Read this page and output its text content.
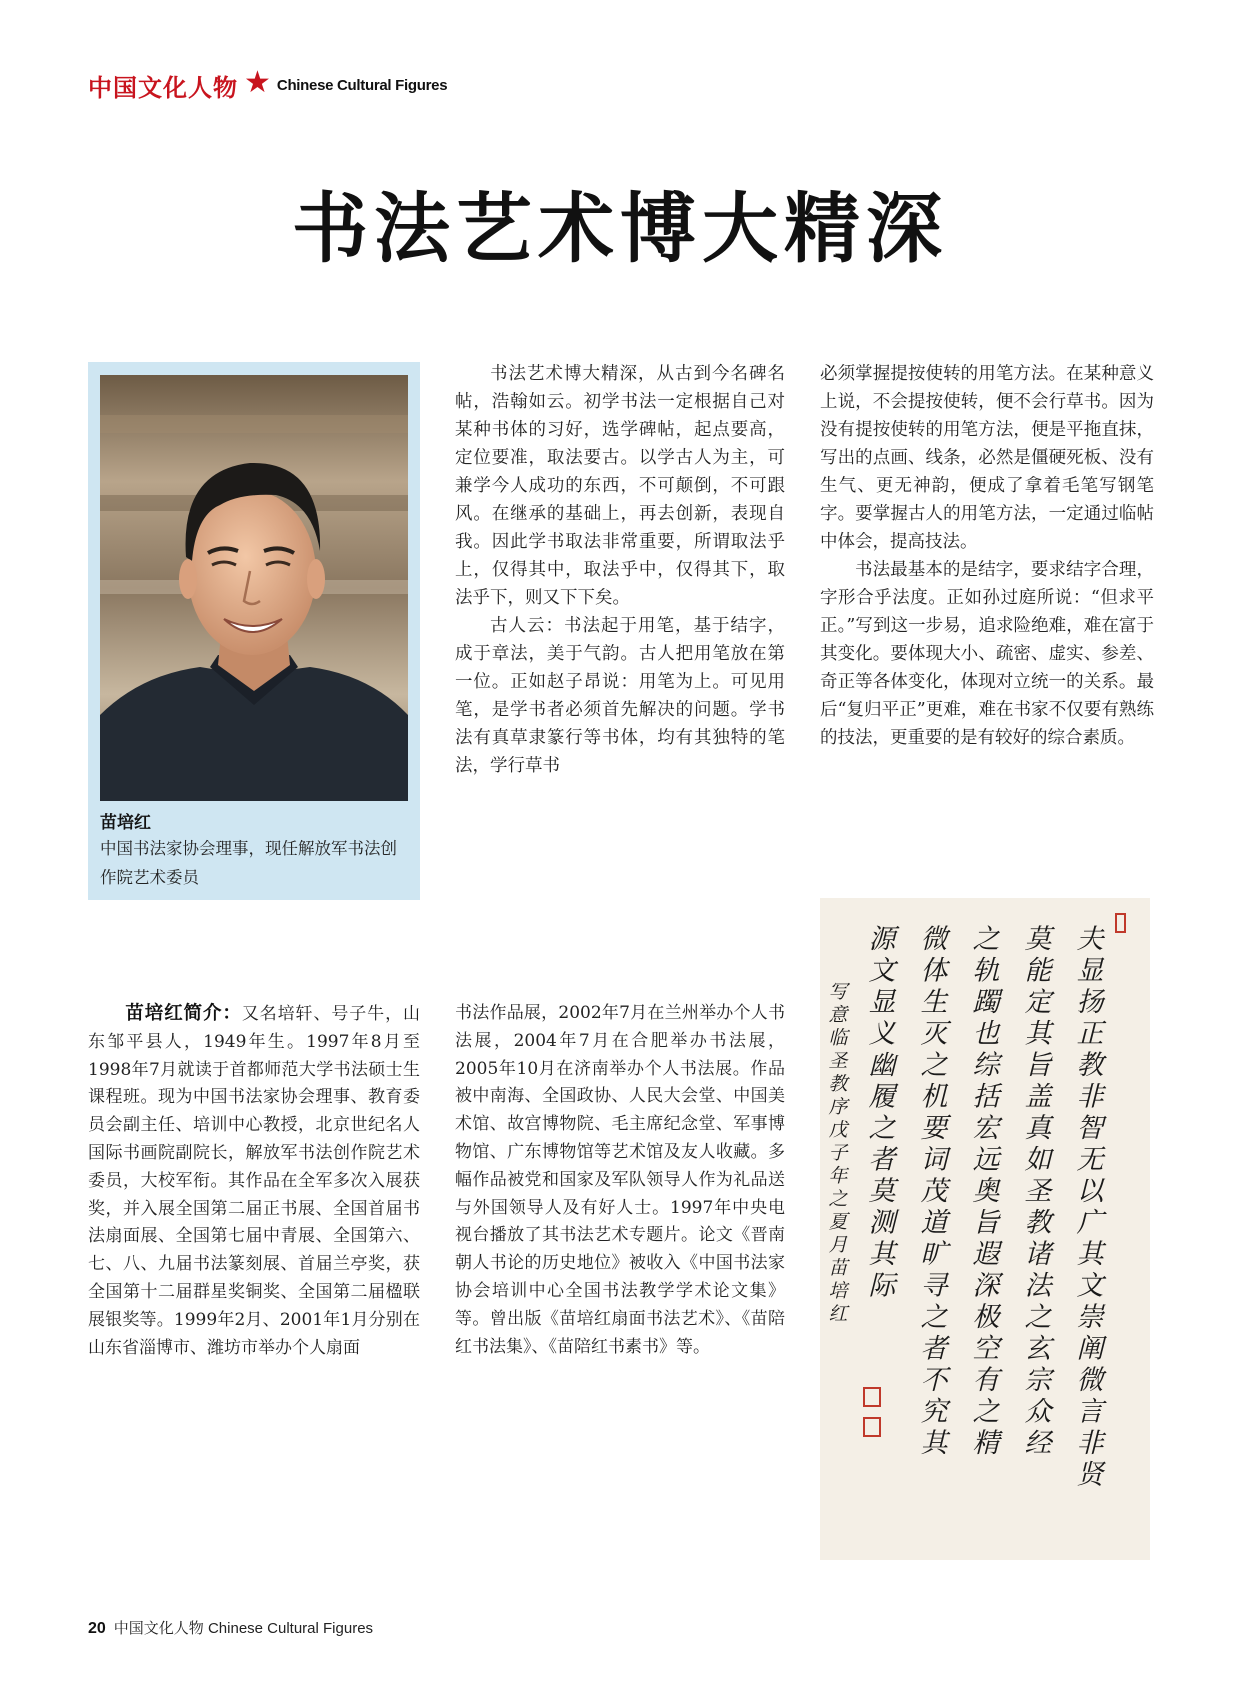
中国文化人物 ★ Chinese Cultural Figures
书法艺术博大精深
苗培红
中国书法家协会理事，现任解放军书法创作院艺术委员

书法艺术博大精深，从古到今名碑名帖，浩翰如云。初学书法一定根据自己对某种书体的习好，选学碑帖，起点要高，定位要准，取法要古。以学古人为主，可兼学今人成功的东西，不可颠倒，不可跟风。在继承的基础上，再去创新，表现自我。因此学书取法非常重要，所谓取法乎上，仅得其中，取法乎中，仅得其下，取法乎下，则又下下矣。

古人云：书法起于用笔，基于结字，成于章法，美于气韵。古人把用笔放在第一位。正如赵子昂说：用笔为上。可见用笔，是学书者必须首先解决的问题。学书法有真草隶篆行等书体，均有其独特的笔法，学行草书

必须掌握提按使转的用笔方法。在某种意义上说，不会提按使转，便不会行草书。因为没有提按使转的用笔方法，便是平拖直抹，写出的点画、线条，必然是僵硬死板、没有生气、更无神韵，便成了拿着毛笔写钢笔字。要掌握古人的用笔方法，一定通过临帖中体会，提高技法。

书法最基本的是结字，要求结字合理，字形合乎法度。正如孙过庭所说：“但求平正。”写到这一步易，追求险绝难，难在富于其变化。要体现大小、疏密、虚实、参差、奇正等各体变化，体现对立统一的关系。最后“复归平正”更难，难在书家不仅要有熟练的技法，更重要的是有较好的综合素质。

苗培红简介：又名培轩、号子牛，山东邹平县人，1949年生。1997年8月至1998年7月就读于首都师范大学书法硕士生课程班。现为中国书法家协会理事、教育委员会副主任、培训中心教授，北京世纪名人国际书画院副院长，解放军书法创作院艺术委员，大校军衔。其作品在全军多次入展获奖，并入展全国第二届正书展、全国首届书法扇面展、全国第七届中青展、全国第六、七、八、九届书法篆刻展、首届兰亭奖，获全国第十二届群星奖铜奖、全国第二届楹联展银奖等。1999年2月、2001年1月分别在山东省淄博市、潍坊市举办个人扇面

书法作品展，2002年7月在兰州举办个人书法展，2004年7月在合肥举办书法展，2005年10月在济南举办个人书法展。作品被中南海、全国政协、人民大会堂、中国美术馆、故宫博物院、毛主席纪念堂、军事博物馆、广东博物馆等艺术馆及友人收藏。多幅作品被党和国家及军队领导人作为礼品送与外国领导人及有好人士。1997年中央电视台播放了其书法艺术专题片。论文《晋南朝人书论的历史地位》被收入《中国书法家协会培训中心全国书法教学学术论文集》等。曾出版《苗培红扇面书法艺术》、《苗陪红书法集》、《苗陪红书素书》等。

夫
显
扬
正
教
非
智
无
以
广
其
文
崇
阐
微
言
非
贤
莫
能
定
其
旨
盖
真
如
圣
教
诸
法
之
玄
宗
众
经
之
轨
躅
也
综
括
宏
远
奥
旨
遐
深
极
空
有
之
精
微
体
生
灭
之
机
要
词
茂
道
旷
寻
之
者
不
究
其
源
文
显
义
幽
履
之
者
莫
测
其
际
写
意
临
圣
教
序
戊
子
年
之
夏
月
苗
培
红
20 中国文化人物 Chinese Cultural Figures
